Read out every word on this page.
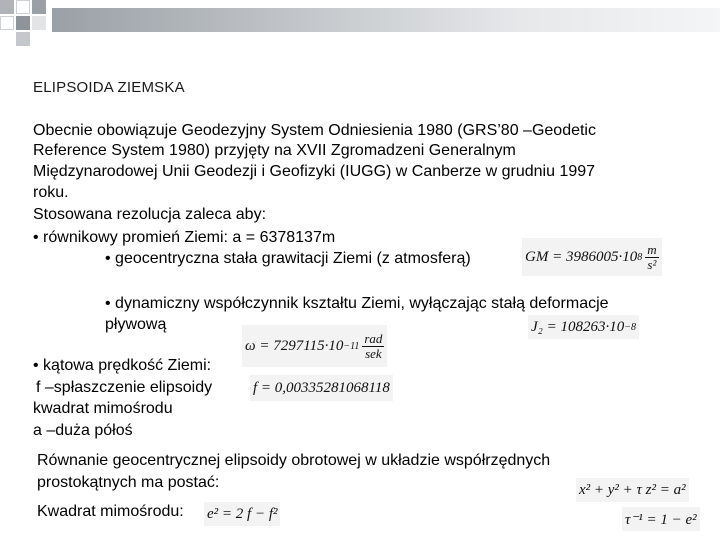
ELIPSOIDA ZIEMSKA
Obecnie obowiązuje Geodezyjny System Odniesienia 1980 (GRS’80 –Geodetic
Reference System 1980) przyjęty na XVII Zgromadzeni Generalnym
Międzynarodowej Unii Geodezji i Geofizyki (IUGG) w Canberze w grudniu 1997
roku.
Stosowana rezolucja zaleca aby:
• równikowy promień Ziemi: a = 6378137m
• geocentryczna stała grawitacji Ziemi (z atmosferą)	GM = 3986005·10 $8 \frac{m}{\text{s²}}$
• dynamiczny współczynnik kształtu Ziemi, wyłączając stałą deformacje
pływową	J₂ = 108263·10 −8
$\omega = 7297115\cdot 10 -11 \frac{\text{rad}}{\text{sek}}$
• kątowa prędkość Ziemi:
f –spłaszczenie elipsoidy	f = 0,00335281068118
kwadrat mimośrodu
a –duża półoś
Równanie geocentrycznej elipsoidy obrotowej w układzie współrzędnych
prostokątnych ma postać:	x² + y² + τ z² = a²
Kwadrat mimośrodu: e² = 2 f − f²	τ⁻¹ = 1 − e²
